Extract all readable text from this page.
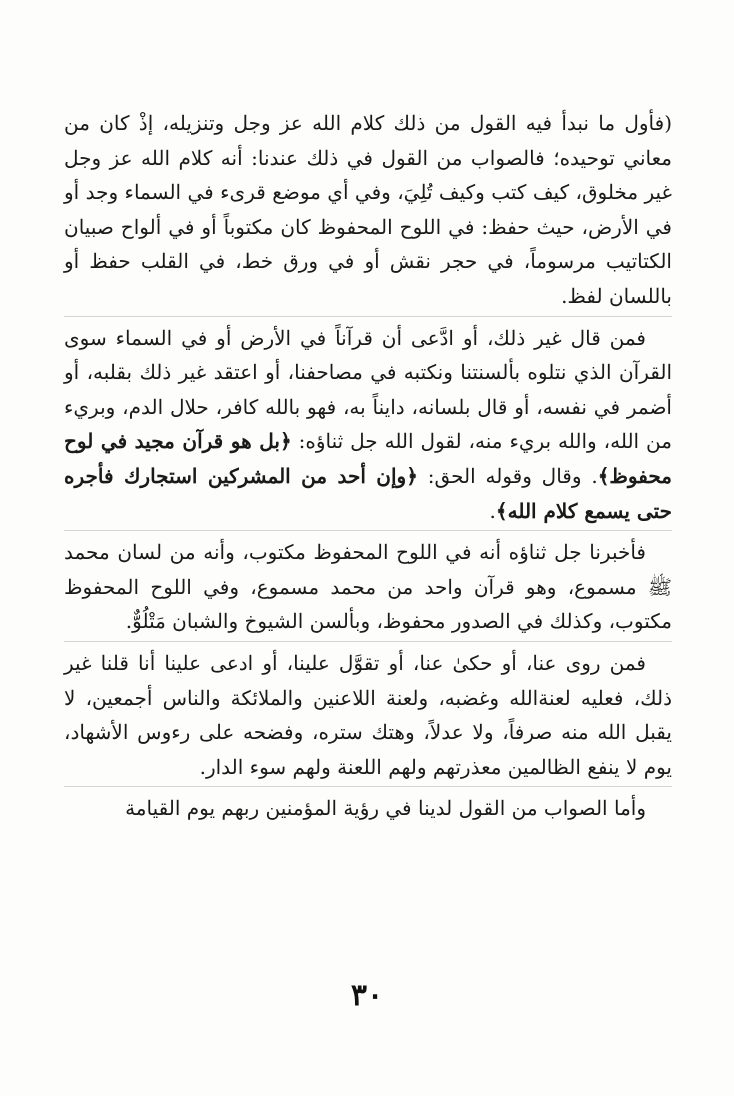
(فأول ما نبدأ فيه القول من ذلك كلام الله عز وجل وتنزيله، إذْ كان من معاني توحيده؛ فالصواب من القول في ذلك عندنا: أنه كلام الله عز وجل غير مخلوق، كيف كتب وكيف تُلِيَ، وفي أي موضع قرىء في السماء وجد أو في الأرض، حيث حفظ: في اللوح المحفوظ كان مكتوباً أو في ألواح صبيان الكتاتيب مرسوماً، في حجر نقش أو في ورق خط، في القلب حفظ أو باللسان لفظ.

فمن قال غير ذلك، أو ادَّعى أن قرآناً في الأرض أو في السماء سوى القرآن الذي نتلوه بألسنتنا ونكتبه في مصاحفنا، أو اعتقد غير ذلك بقلبه، أو أضمر في نفسه، أو قال بلسانه، دايناً به، فهو بالله كافر، حلال الدم، وبريء من الله، والله بريء منه، لقول الله جل ثناؤه: ﴿بل هو قرآن مجيد في لوح محفوظ﴾. وقال وقوله الحق: ﴿وإن أحد من المشركين استجارك فأجره حتى يسمع كلام الله﴾.

فأخبرنا جل ثناؤه أنه في اللوح المحفوظ مكتوب، وأنه من لسان محمد ﷺ مسموع، وهو قرآن واحد من محمد مسموع، وفي اللوح المحفوظ مكتوب، وكذلك في الصدور محفوظ، وبألسن الشيوخ والشبان مَتْلُوٌّ.

فمن روى عنا، أو حكىٰ عنا، أو تقوَّل علينا، أو ادعى علينا أنا قلنا غير ذلك، فعليه لعنةالله وغضبه، ولعنة اللاعنين والملائكة والناس أجمعين، لا يقبل الله منه صرفاً، ولا عدلاً، وهتك ستره، وفضحه على رءوس الأشهاد، يوم لا ينفع الظالمين معذرتهم ولهم اللعنة ولهم سوء الدار.

وأما الصواب من القول لدينا في رؤية المؤمنين ربهم يوم القيامة

٣٠
